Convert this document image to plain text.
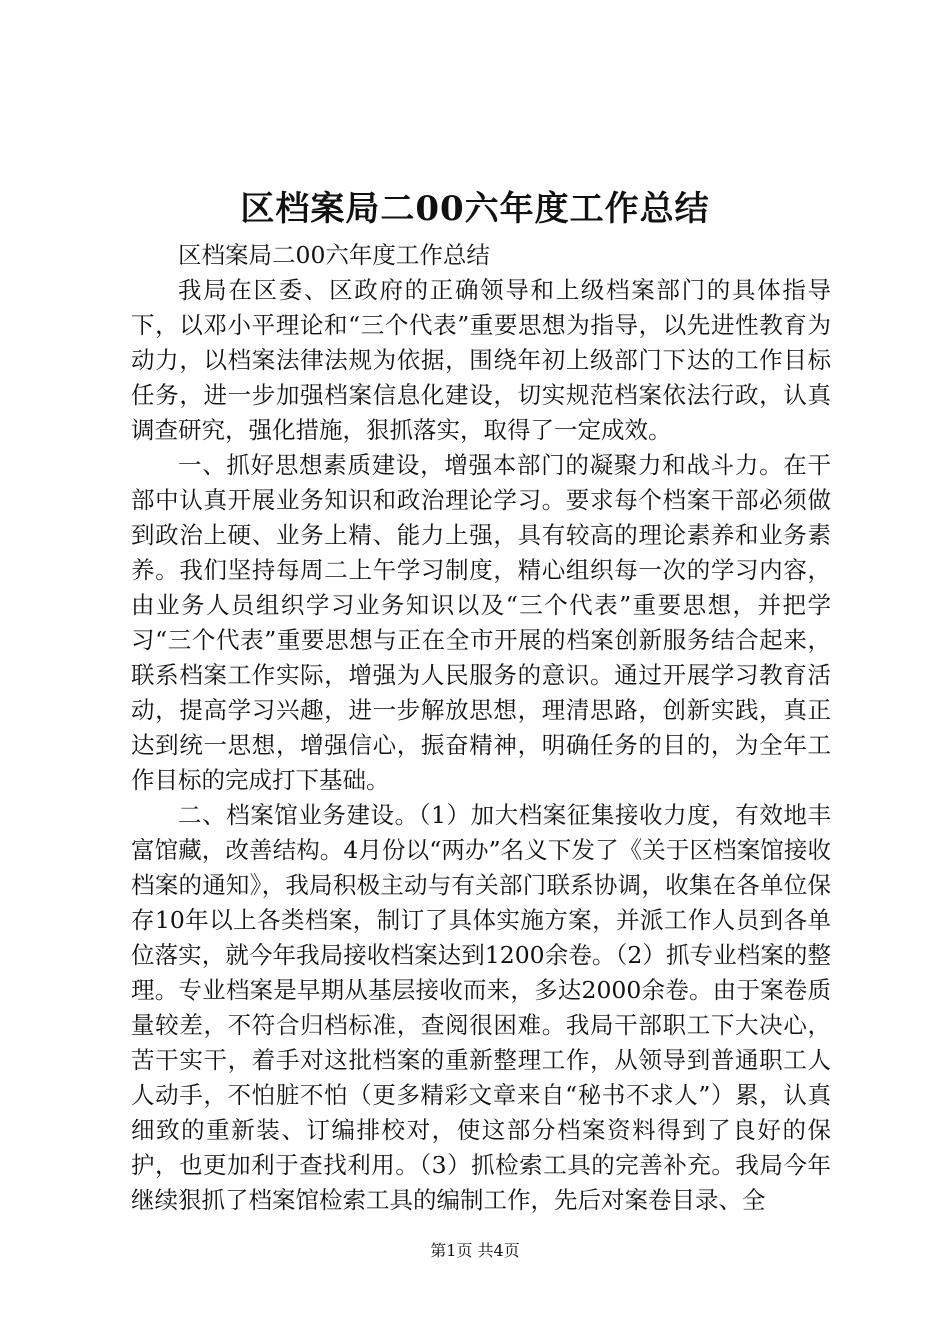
区档案局二00六年度工作总结

区档案局二00六年度工作总结

我局在区委、区政府的正确领导和上级档案部门的具体指导下，以邓小平理论和“三个代表”重要思想为指导，以先进性教育为动力，以档案法律法规为依据，围绕年初上级部门下达的工作目标任务，进一步加强档案信息化建设，切实规范档案依法行政，认真调查研究，强化措施，狠抓落实，取得了一定成效。

一、抓好思想素质建设，增强本部门的凝聚力和战斗力。在干部中认真开展业务知识和政治理论学习。要求每个档案干部必须做到政治上硬、业务上精、能力上强，具有较高的理论素养和业务素养。我们坚持每周二上午学习制度，精心组织每一次的学习内容，由业务人员组织学习业务知识以及“三个代表”重要思想，并把学习“三个代表”重要思想与正在全市开展的档案创新服务结合起来，联系档案工作实际，增强为人民服务的意识。通过开展学习教育活动，提高学习兴趣，进一步解放思想，理清思路，创新实践，真正达到统一思想，增强信心，振奋精神，明确任务的目的，为全年工作目标的完成打下基础。

二、档案馆业务建设。（1）加大档案征集接收力度，有效地丰富馆藏，改善结构。4月份以“两办”名义下发了《关于区档案馆接收档案的通知》，我局积极主动与有关部门联系协调，收集在各单位保存10年以上各类档案，制订了具体实施方案，并派工作人员到各单位落实，就今年我局接收档案达到1200余卷。（2）抓专业档案的整理。专业档案是早期从基层接收而来，多达2000余卷。由于案卷质量较差，不符合归档标准，查阅很困难。我局干部职工下大决心，苦干实干，着手对这批档案的重新整理工作，从领导到普通职工人人动手，不怕脏不怕（更多精彩文章来自“秘书不求人”）累，认真细致的重新装、订编排校对，使这部分档案资料得到了良好的保护，也更加利于查找利用。（3）抓检索工具的完善补充。我局今年继续狠抓了档案馆检索工具的编制工作，先后对案卷目录、全

第1页 共4页
